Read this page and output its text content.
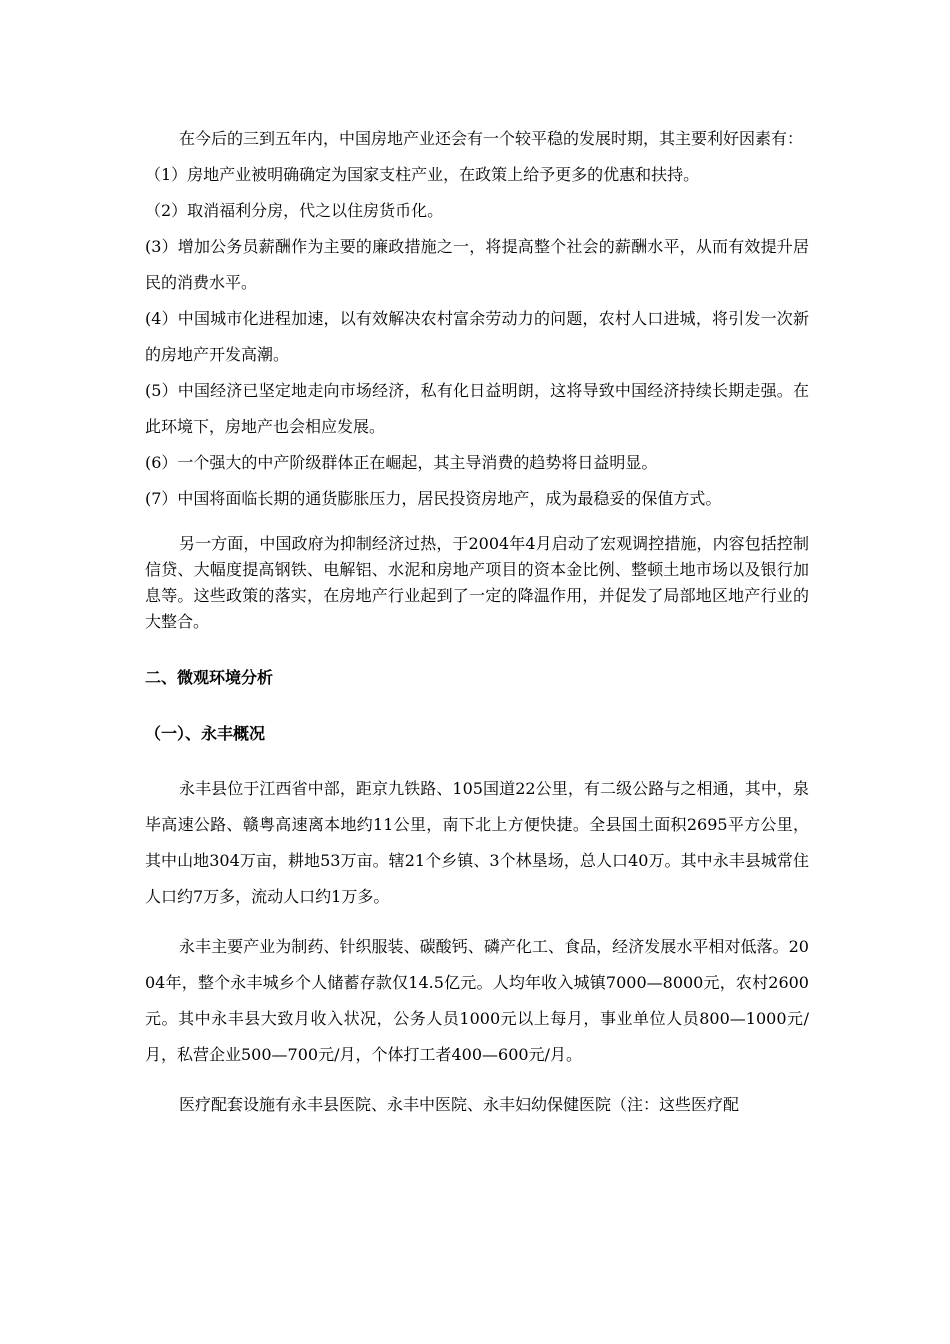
在今后的三到五年内，中国房地产业还会有一个较平稳的发展时期，其主要利好因素有：

（1）房地产业被明确确定为国家支柱产业，在政策上给予更多的优惠和扶持。

（2）取消福利分房，代之以住房货币化。

(3）增加公务员薪酬作为主要的廉政措施之一，将提高整个社会的薪酬水平，从而有效提升居民的消费水平。

(4）中国城市化进程加速，以有效解决农村富余劳动力的问题，农村人口进城，将引发一次新的房地产开发高潮。

(5）中国经济已坚定地走向市场经济，私有化日益明朗，这将导致中国经济持续长期走强。在此环境下，房地产也会相应发展。

(6）一个强大的中产阶级群体正在崛起，其主导消费的趋势将日益明显。

(7）中国将面临长期的通货膨胀压力，居民投资房地产，成为最稳妥的保值方式。

另一方面，中国政府为抑制经济过热，于2004年4月启动了宏观调控措施，内容包括控制信贷、大幅度提高钢铁、电解铝、水泥和房地产项目的资本金比例、整顿土地市场以及银行加息等。这些政策的落实，在房地产行业起到了一定的降温作用，并促发了局部地区地产行业的大整合。

二、微观环境分析
（一）、永丰概况

永丰县位于江西省中部，距京九铁路、105国道22公里，有二级公路与之相通，其中，泉毕高速公路、赣粤高速离本地约11公里，南下北上方便快捷。全县国土面积2695平方公里，其中山地304万亩，耕地53万亩。辖21个乡镇、3个林垦场，总人口40万。其中永丰县城常住人口约7万多，流动人口约1万多。

永丰主要产业为制药、针织服装、碳酸钙、磷产化工、食品，经济发展水平相对低落。2004年，整个永丰城乡个人储蓄存款仅14.5亿元。人均年收入城镇7000—8000元，农村2600元。其中永丰县大致月收入状况，公务人员1000元以上每月，事业单位人员800—1000元/月，私营企业500—700元/月，个体打工者400—600元/月。

医疗配套设施有永丰县医院、永丰中医院、永丰妇幼保健医院（注：这些医疗配
